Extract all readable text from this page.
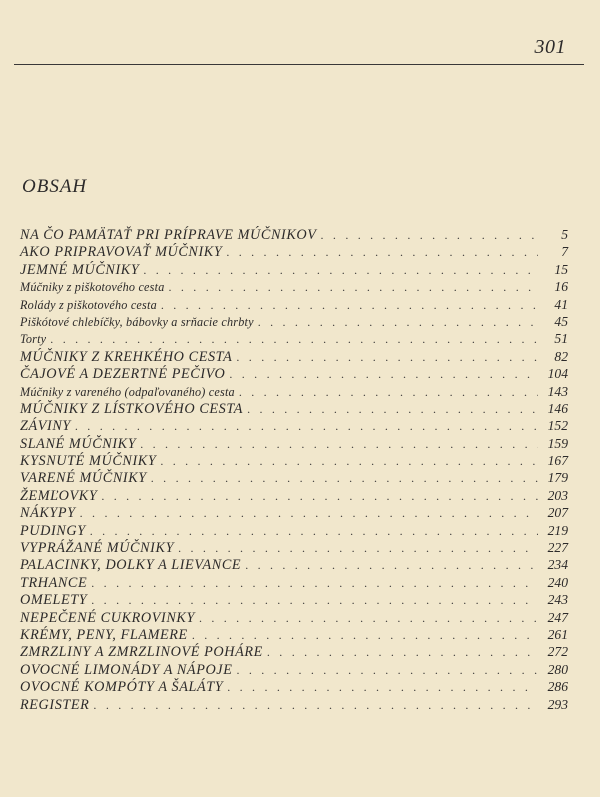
301
OBSAH
NA ČO PAMÄTAŤ PRI PRÍPRAVE MÚČNIKOV . . .	5
AKO PRIPRAVOVAŤ MÚČNIKY . . .	7
JEMNÉ MÚČNIKY . . .	15
Múčniky z piškotového cesta . . .	16
Rolády z piškotového cesta . . .	41
Piškótové chlebíčky, bábovky a srňacie chrbty . . .	45
Torty . . .	51
MÚČNIKY Z KREHKÉHO CESTA . . .	82
ČAJOVÉ A DEZERTNÉ PEČIVO . . .	104
Múčniky z vareného (odpaľovaného) cesta . . .	143
MÚČNIKY Z LÍSTKOVÉHO CESTA . . .	146
ZÁVINY . . .	152
SLANÉ MÚČNIKY . . .	159
KYSNUTÉ MÚČNIKY . . .	167
VARENÉ MÚČNIKY . . .	179
ŽEMĽOVKY . . .	203
NÁKYPY . . .	207
PUDINGY . . .	219
VYPRÁŽANÉ MÚČNIKY . . .	227
PALACINKY, DOLKY A LIEVANCE . . .	234
TRHANCE . . .	240
OMELETY . . .	243
NEPEČENÉ CUKROVINKY . . .	247
KRÉMY, PENY, FLAMERE . . .	261
ZMRZLINY A ZMRZLINOVÉ POHÁRE . . .	272
OVOCNÉ LIMONÁDY A NÁPOJE . . .	280
OVOCNÉ KOMPÓTY A ŠALÁTY . . .	286
REGISTER . . .	293
